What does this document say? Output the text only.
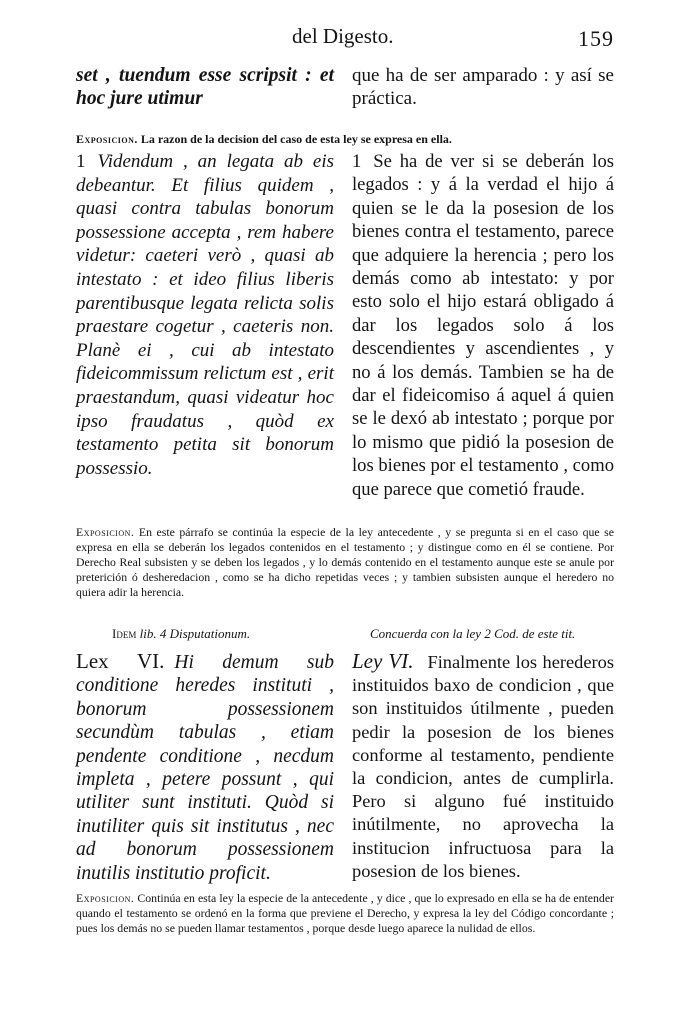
del Digesto.	159

set , tuendum esse scripsit : et hoc jure utimur

que ha de ser amparado : y así se práctica.

Exposicion. La razon de la decision del caso de esta ley se expresa en ella.

1 Videndum , an legata ab eis debeantur. Et filius quidem , quasi contra tabulas bonorum possessione accepta , rem habere videtur: caeteri verò , quasi ab intestato : et ideo filius liberis parentibusque legata relicta solis praestare cogetur , caeteris non. Planè ei , cui ab intestato fideicommissum relictum est , erit praestandum, quasi videatur hoc ipso fraudatus , quòd ex testamento petita sit bonorum possessio.

1 Se ha de ver si se deberán los legados : y á la verdad el hijo á quien se le da la posesion de los bienes contra el testamento, parece que adquiere la herencia ; pero los demás como ab intestato: y por esto solo el hijo estará obligado á dar los legados solo á los descendientes y ascendientes , y no á los demás. Tambien se ha de dar el fideicomiso á aquel á quien se le dexó ab intestato ; porque por lo mismo que pidió la posesion de los bienes por el testamento , como que parece que cometió fraude.

Exposicion. En este párrafo se continúa la especie de la ley antecedente , y se pregunta si en el caso que se expresa en ella se deberán los legados contenidos en el testamento ; y distingue como en él se contiene. Por Derecho Real subsisten y se deben los legados , y lo demás contenido en el testamento aunque este se anule por preterición ó desheredacion , como se ha dicho repetidas veces ; y tambien subsisten aunque el heredero no quiera adir la herencia.

Idem lib. 4 Disputationum.	Concuerda con la ley 2 Cod. de este tit.

Lex VI. Hi demum sub conditione heredes instituti , bonorum possessionem secundùm tabulas , etiam pendente conditione , necdum impleta , petere possunt , qui utiliter sunt instituti. Quòd si inutiliter quis sit institutus , nec ad bonorum possessionem inutilis institutio proficit.

Ley VI. Finalmente los herederos instituidos baxo de condicion , que son instituidos útilmente , pueden pedir la posesion de los bienes conforme al testamento, pendiente la condicion, antes de cumplirla. Pero si alguno fué instituido inútilmente, no aprovecha la institucion infructuosa para la posesion de los bienes.

Exposicion. Continúa en esta ley la especie de la antecedente , y dice , que lo expresado en ella se ha de entender quando el testamento se ordenó en la forma que previene el Derecho, y expresa la ley del Código concordante ; pues los demás no se pueden llamar testamentos , porque desde luego aparece la nulidad de ellos.
